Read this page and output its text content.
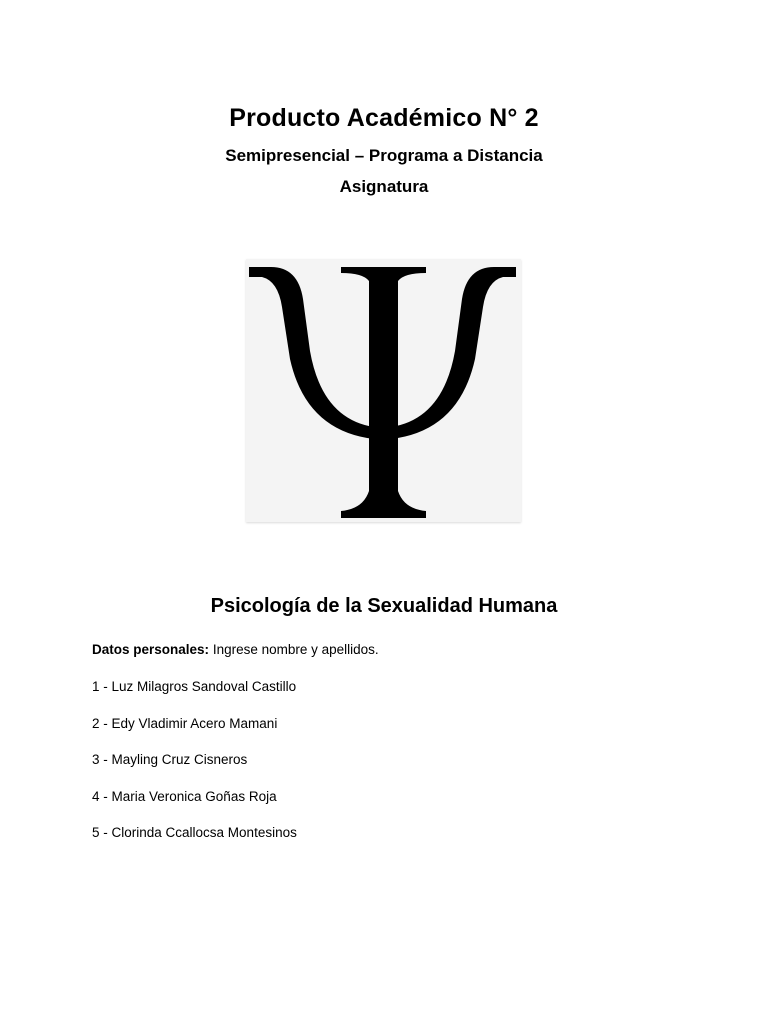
Producto Académico N° 2
Semipresencial – Programa a Distancia
Asignatura
Psicología de la Sexualidad Humana
Datos personales: Ingrese nombre y apellidos.
1 - Luz Milagros Sandoval Castillo
2 - Edy Vladimir Acero Mamani
3 - Mayling Cruz Cisneros
4 - Maria Veronica Goñas Roja
5 - Clorinda Ccallocsa Montesinos
